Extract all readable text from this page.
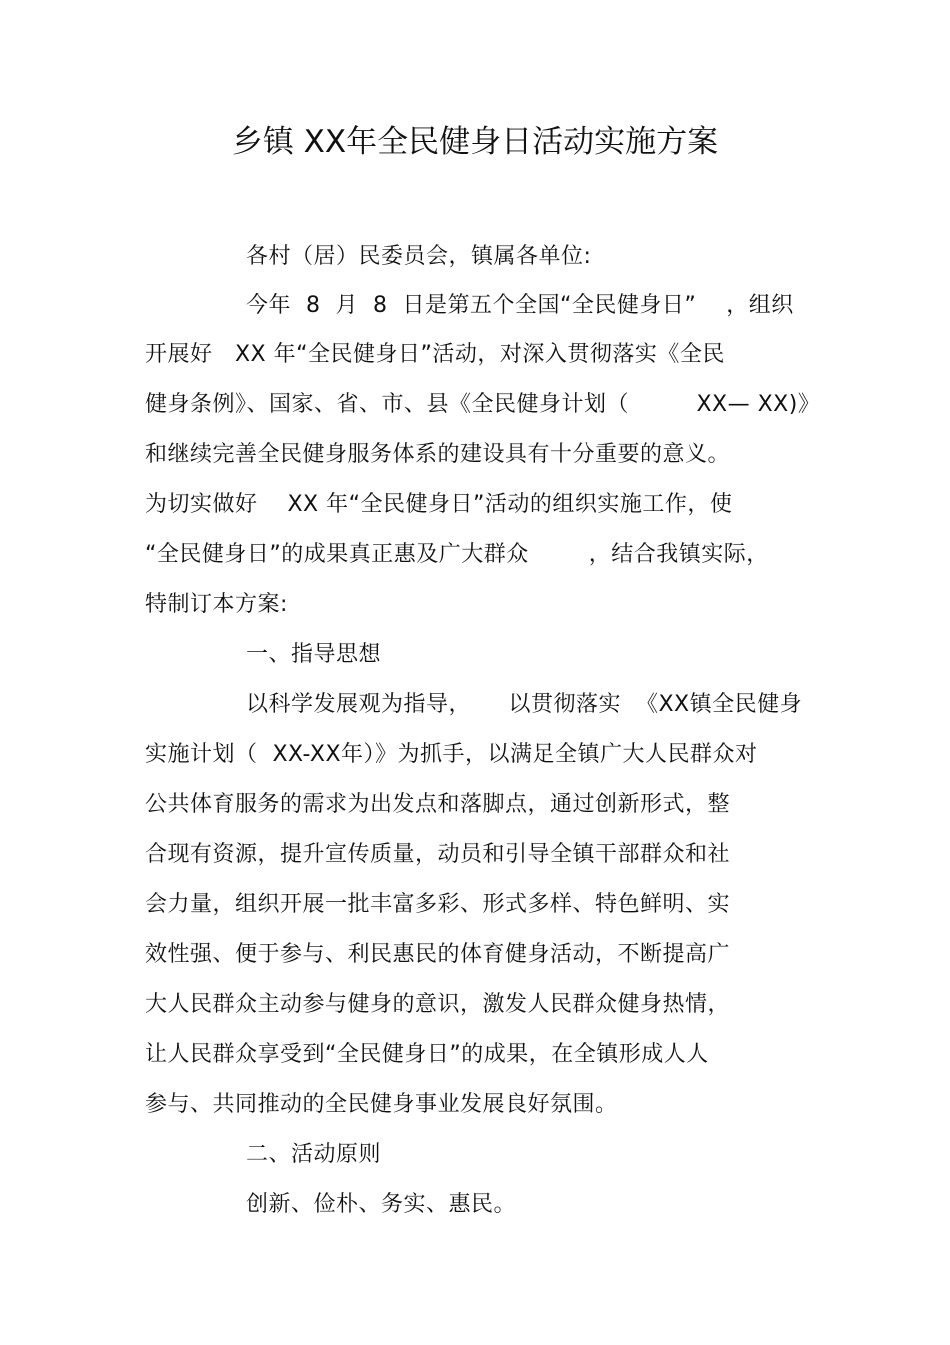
乡镇 XX年全民健身日活动实施方案
各村（居）民委员会，镇属各单位:
今年  8  月  8  日是第五个全国“全民健身日”    ，组织
开展好   XX 年“全民健身日”活动，对深入贯彻落实《全民
健身条例》、国家、省、市、县《全民健身计划（         XX— XX)》
和继续完善全民健身服务体系的建设具有十分重要的意义。
为切实做好    XX 年“全民健身日”活动的组织实施工作，使
“全民健身日”的成果真正惠及广大群众        ，结合我镇实际，
特制订本方案:
一、指导思想
以科学发展观为指导，     以贯彻落实  《XX镇全民健身
实施计划（  XX-XX年）》为抓手，以满足全镇广大人民群众对
公共体育服务的需求为出发点和落脚点，通过创新形式，整
合现有资源，提升宣传质量，动员和引导全镇干部群众和社
会力量，组织开展一批丰富多彩、形式多样、特色鲜明、实
效性强、便于参与、利民惠民的体育健身活动，不断提高广
大人民群众主动参与健身的意识，激发人民群众健身热情，
让人民群众享受到“全民健身日”的成果，在全镇形成人人
参与、共同推动的全民健身事业发展良好氛围。
二、活动原则
创新、俭朴、务实、惠民。
